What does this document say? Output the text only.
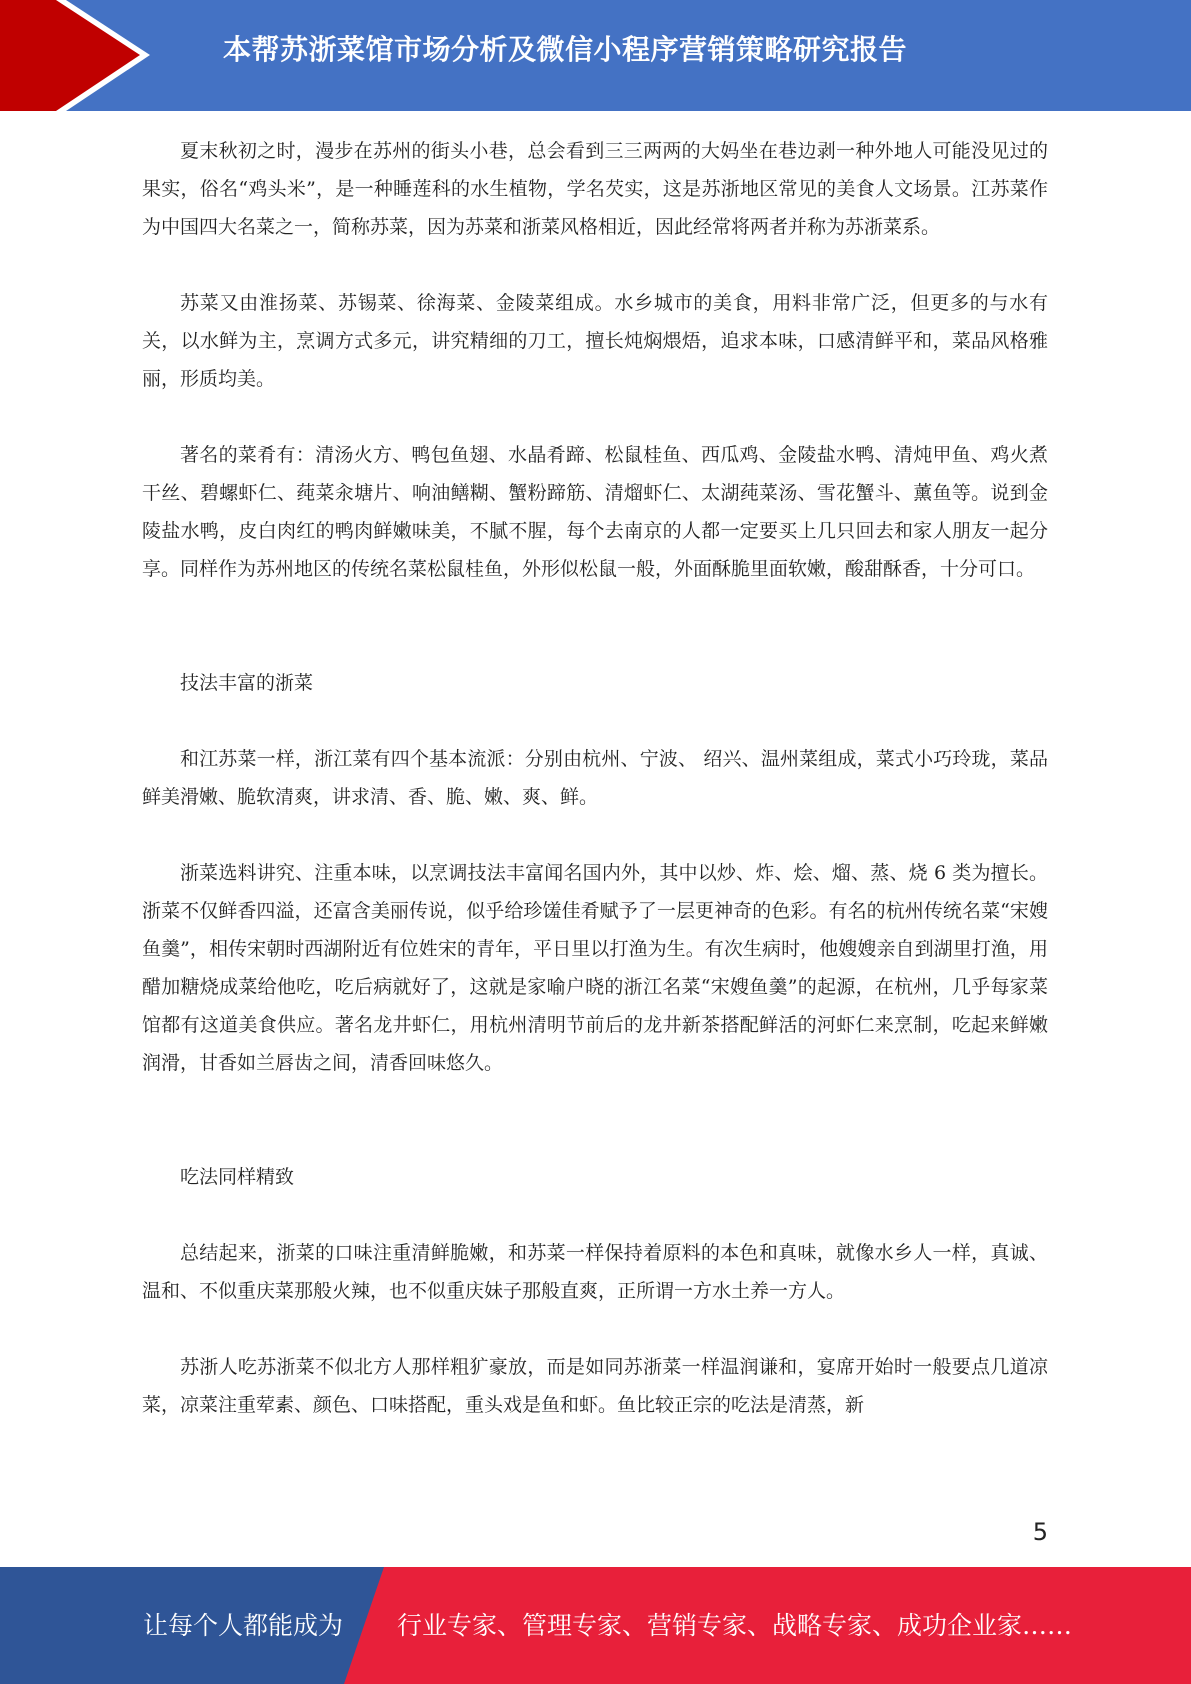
本帮苏浙菜馆市场分析及微信小程序营销策略研究报告

夏末秋初之时，漫步在苏州的街头小巷，总会看到三三两两的大妈坐在巷边剥一种外地人可能没见过的果实，俗名“鸡头米”，是一种睡莲科的水生植物，学名芡实，这是苏浙地区常见的美食人文场景。江苏菜作为中国四大名菜之一，简称苏菜，因为苏菜和浙菜风格相近，因此经常将两者并称为苏浙菜系。

苏菜又由淮扬菜、苏锡菜、徐海菜、金陵菜组成。水乡城市的美食，用料非常广泛，但更多的与水有关，以水鲜为主，烹调方式多元，讲究精细的刀工，擅长炖焖煨焐，追求本味，口感清鲜平和，菜品风格雅丽，形质均美。

著名的菜肴有：清汤火方、鸭包鱼翅、水晶肴蹄、松鼠桂鱼、西瓜鸡、金陵盐水鸭、清炖甲鱼、鸡火煮干丝、碧螺虾仁、莼菜汆塘片、响油鳝糊、蟹粉蹄筋、清熘虾仁、太湖莼菜汤、雪花蟹斗、薰鱼等。说到金陵盐水鸭，皮白肉红的鸭肉鲜嫩味美，不腻不腥，每个去南京的人都一定要买上几只回去和家人朋友一起分享。同样作为苏州地区的传统名菜松鼠桂鱼，外形似松鼠一般，外面酥脆里面软嫩，酸甜酥香，十分可口。

技法丰富的浙菜

和江苏菜一样，浙江菜有四个基本流派：分别由杭州、宁波、 绍兴、温州菜组成，菜式小巧玲珑，菜品鲜美滑嫩、脆软清爽，讲求清、香、脆、嫩、爽、鲜。

浙菜选料讲究、注重本味，以烹调技法丰富闻名国内外，其中以炒、炸、烩、熘、蒸、烧 6 类为擅长。浙菜不仅鲜香四溢，还富含美丽传说，似乎给珍馐佳肴赋予了一层更神奇的色彩。有名的杭州传统名菜“宋嫂鱼羹”，相传宋朝时西湖附近有位姓宋的青年，平日里以打渔为生。有次生病时，他嫂嫂亲自到湖里打渔，用醋加糖烧成菜给他吃，吃后病就好了，这就是家喻户晓的浙江名菜“宋嫂鱼羹”的起源，在杭州，几乎每家菜馆都有这道美食供应。著名龙井虾仁，用杭州清明节前后的龙井新茶搭配鲜活的河虾仁来烹制，吃起来鲜嫩润滑，甘香如兰唇齿之间，清香回味悠久。

吃法同样精致

总结起来，浙菜的口味注重清鲜脆嫩，和苏菜一样保持着原料的本色和真味，就像水乡人一样，真诚、温和、不似重庆菜那般火辣，也不似重庆妹子那般直爽，正所谓一方水土养一方人。

苏浙人吃苏浙菜不似北方人那样粗犷豪放，而是如同苏浙菜一样温润谦和，宴席开始时一般要点几道凉菜，凉菜注重荤素、颜色、口味搭配，重头戏是鱼和虾。鱼比较正宗的吃法是清蒸，新

5
让每个人都能成为 行业专家、管理专家、营销专家、战略专家、成功企业家……
